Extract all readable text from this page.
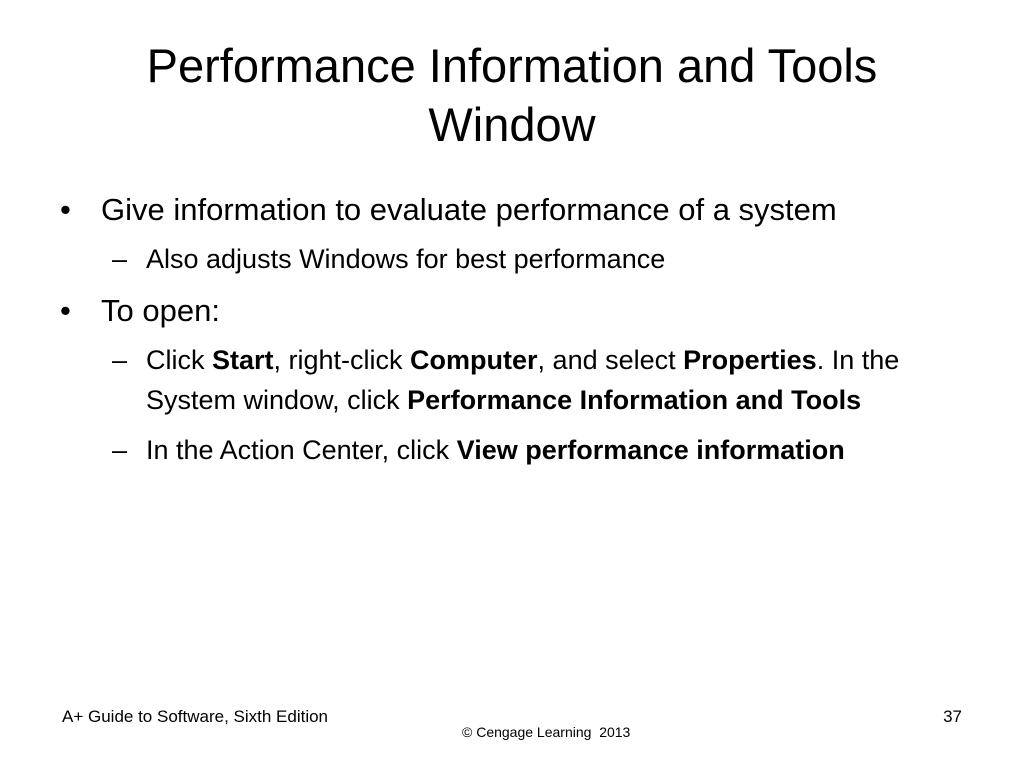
Performance Information and Tools Window
• Give information to evaluate performance of a system
– Also adjusts Windows for best performance
• To open:
– Click Start, right-click Computer, and select Properties. In the System window, click Performance Information and Tools
– In the Action Center, click View performance information
A+ Guide to Software, Sixth Edition
© Cengage Learning  2013
37
